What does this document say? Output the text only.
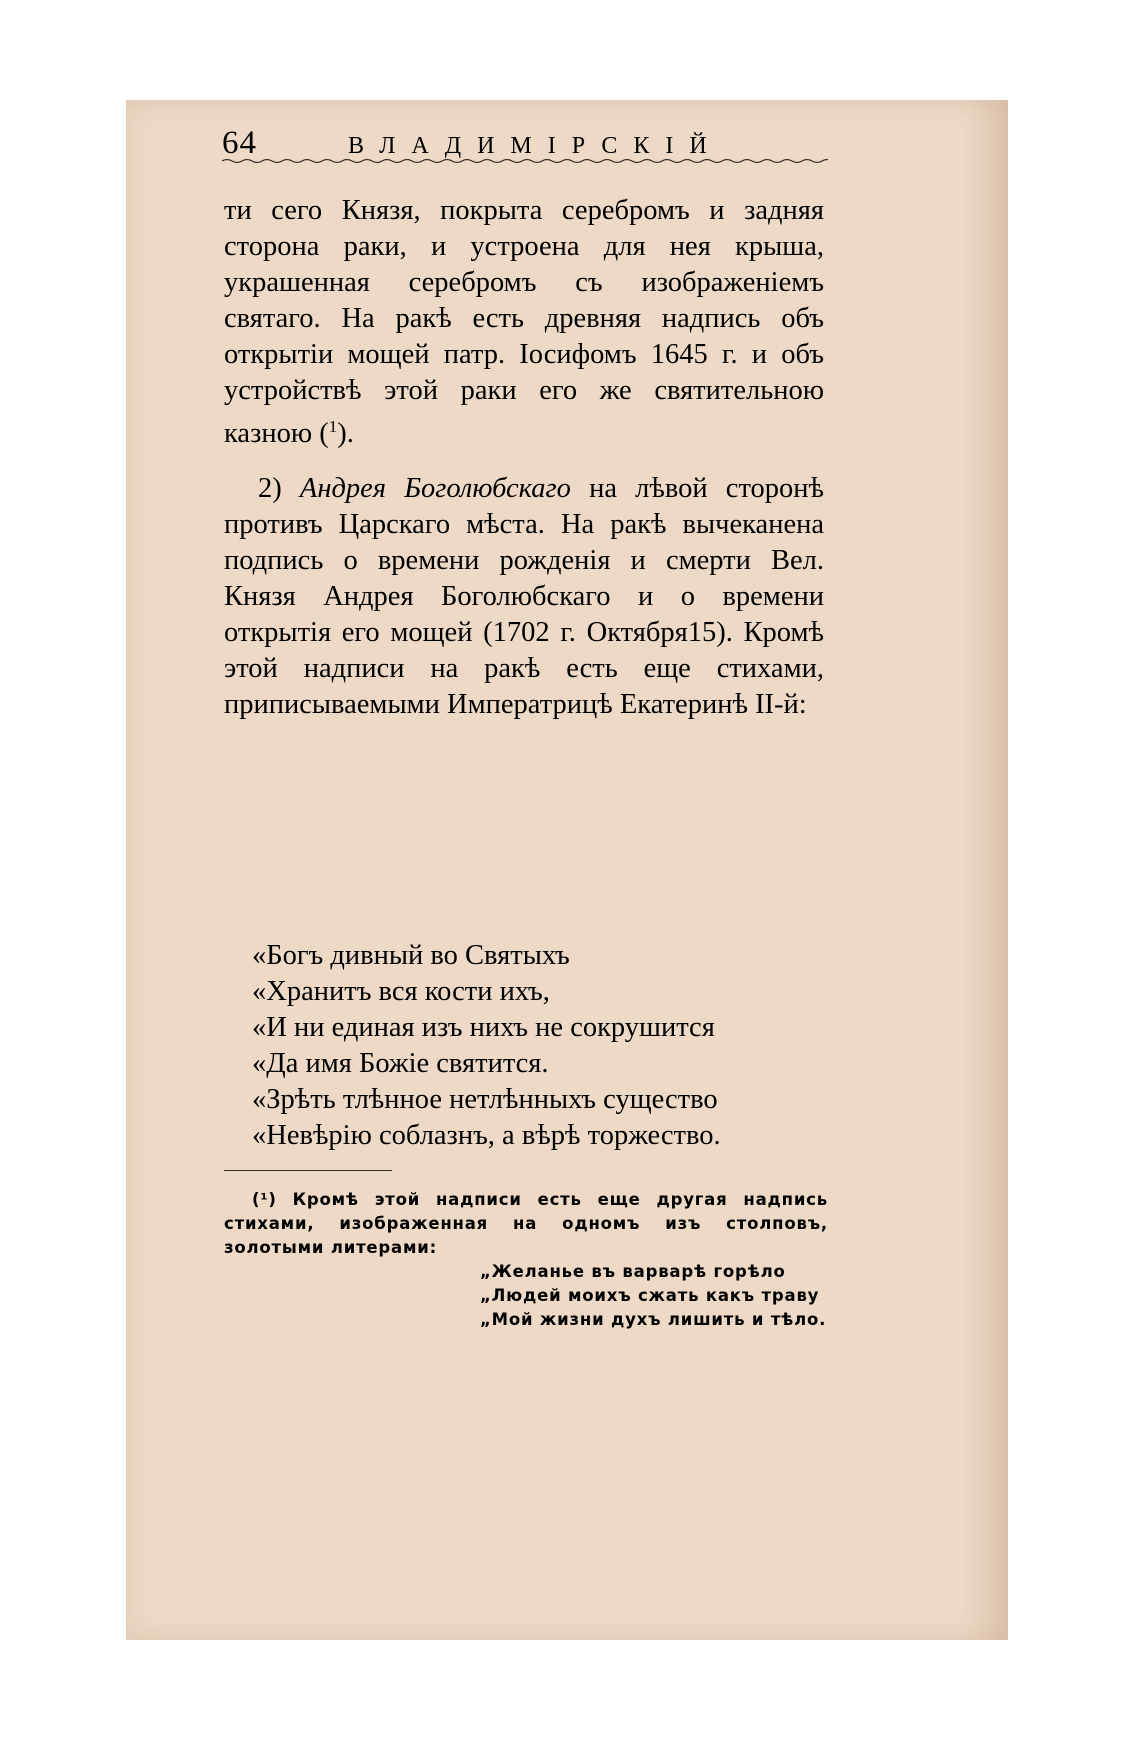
64	ВЛАДИМІРСКІЙ

ти сего Князя, покрыта серебромъ и задняя сторона раки, и устроена для нея крыша, украшенная серебромъ съ изображеніемъ святаго. На ракѣ есть древняя надпись объ открытіи мощей патр. Іосифомъ 1645 г. и объ устройствѣ этой раки его же святительною казною ($^1$).

2) Андрея Боголюбскаго на лѣвой сторонѣ противъ Царскаго мѣста. На ракѣ вычеканена подпись о времени рожденія и смерти Вел. Князя Андрея Боголюбскаго и о времени открытія его мощей (1702 г. Октября15). Кромѣ этой надписи на ракѣ есть еще стихами, приписываемыми Императрицѣ Екатеринѣ II-й:

«Богъ дивный во Святыхъ
«Хранитъ вся кости ихъ,
«И ни единая изъ нихъ не сокрушится
«Да имя Божіе святится.
«Зрѣть тлѣнное нетлѣнныхъ существо
«Невѣрію соблазнъ, а вѣрѣ торжество.

(¹) Кромѣ этой надписи есть еще другая надпись стихами, изображенная на одномъ изъ столповъ, золотыми литерами:

„Желанье въ варварѣ горѣло

„Людей моихъ сжать какъ траву

„Мой жизни духъ лишить и тѣло.
